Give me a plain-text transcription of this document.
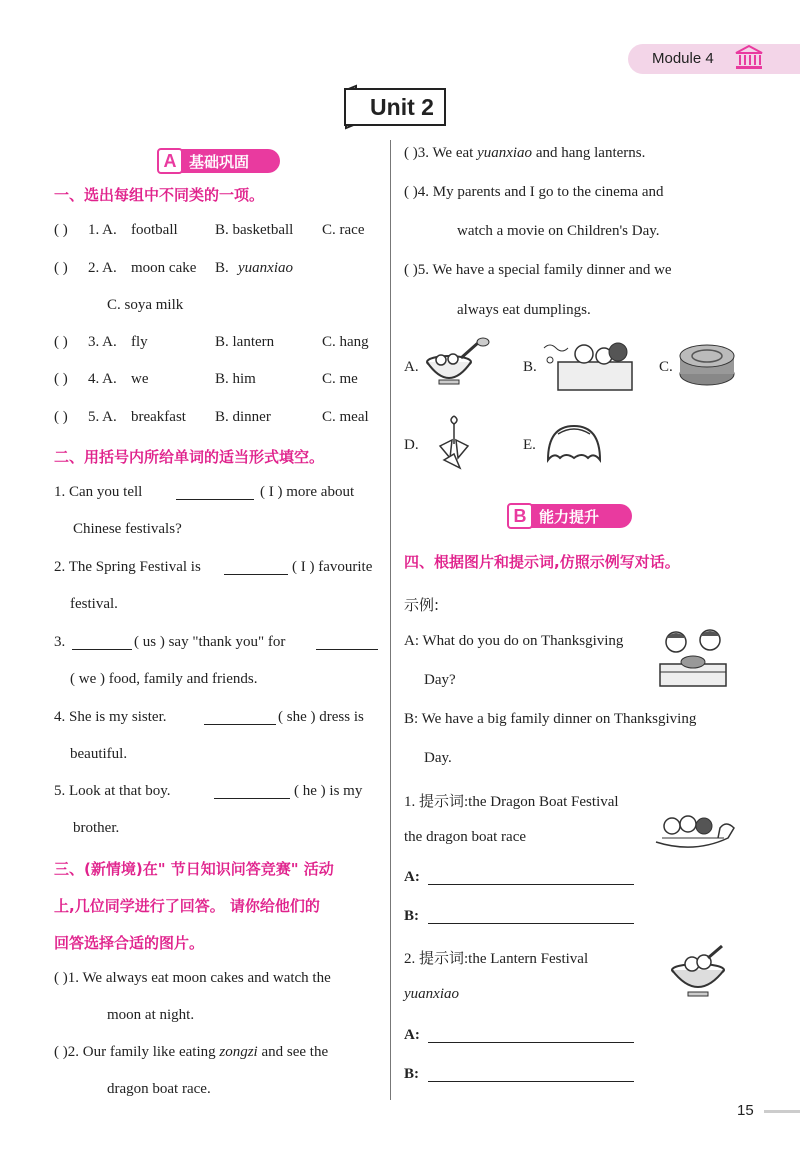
Module 4
Unit 2
A 基础巩固
一、选出每组中不同类的一项。
( ) 1. A. football B. basketball C. race
( ) 2. A. moon cake B. yuanxiao
C. soya milk
( ) 3. A. fly	B. lantern	C. hang
( ) 4. A. we	B. him	C. me
( ) 5. A. breakfast B. dinner	C. meal
二、用括号内所给单词的适当形式填空。
1. Can you tell	( I ) more about
Chinese festivals?
2. The Spring Festival is	( I ) favourite
festival.
3.	( us ) say "thank you" for
( we ) food, family and friends.
4. She is my sister.	( she ) dress is
beautiful.
5. Look at that boy.	( he ) is my
brother.
三、(新情境)在" 节日知识问答竞赛" 活动
上,几位同学进行了回答。 请你给他们的
回答选择合适的图片。
( )1. We always eat moon cakes and watch the
moon at night.
( )2. Our family like eating zongzi and see the
dragon boat race.
( )3. We eat yuanxiao and hang lanterns.
( )4. My parents and I go to the cinema and
watch a movie on Children's Day.
( )5. We have a special family dinner and we
always eat dumplings.
A.	B.	C.
D.	E.
B 能力提升
四、根据图片和提示词,仿照示例写对话。
示例:
A: What do you do on Thanksgiving
Day?
B: We have a big family dinner on Thanksgiving
Day.
1. 提示词:the Dragon Boat Festival
the dragon boat race
A:
B:
2. 提示词:the Lantern Festival
yuanxiao
A:
B:
15
